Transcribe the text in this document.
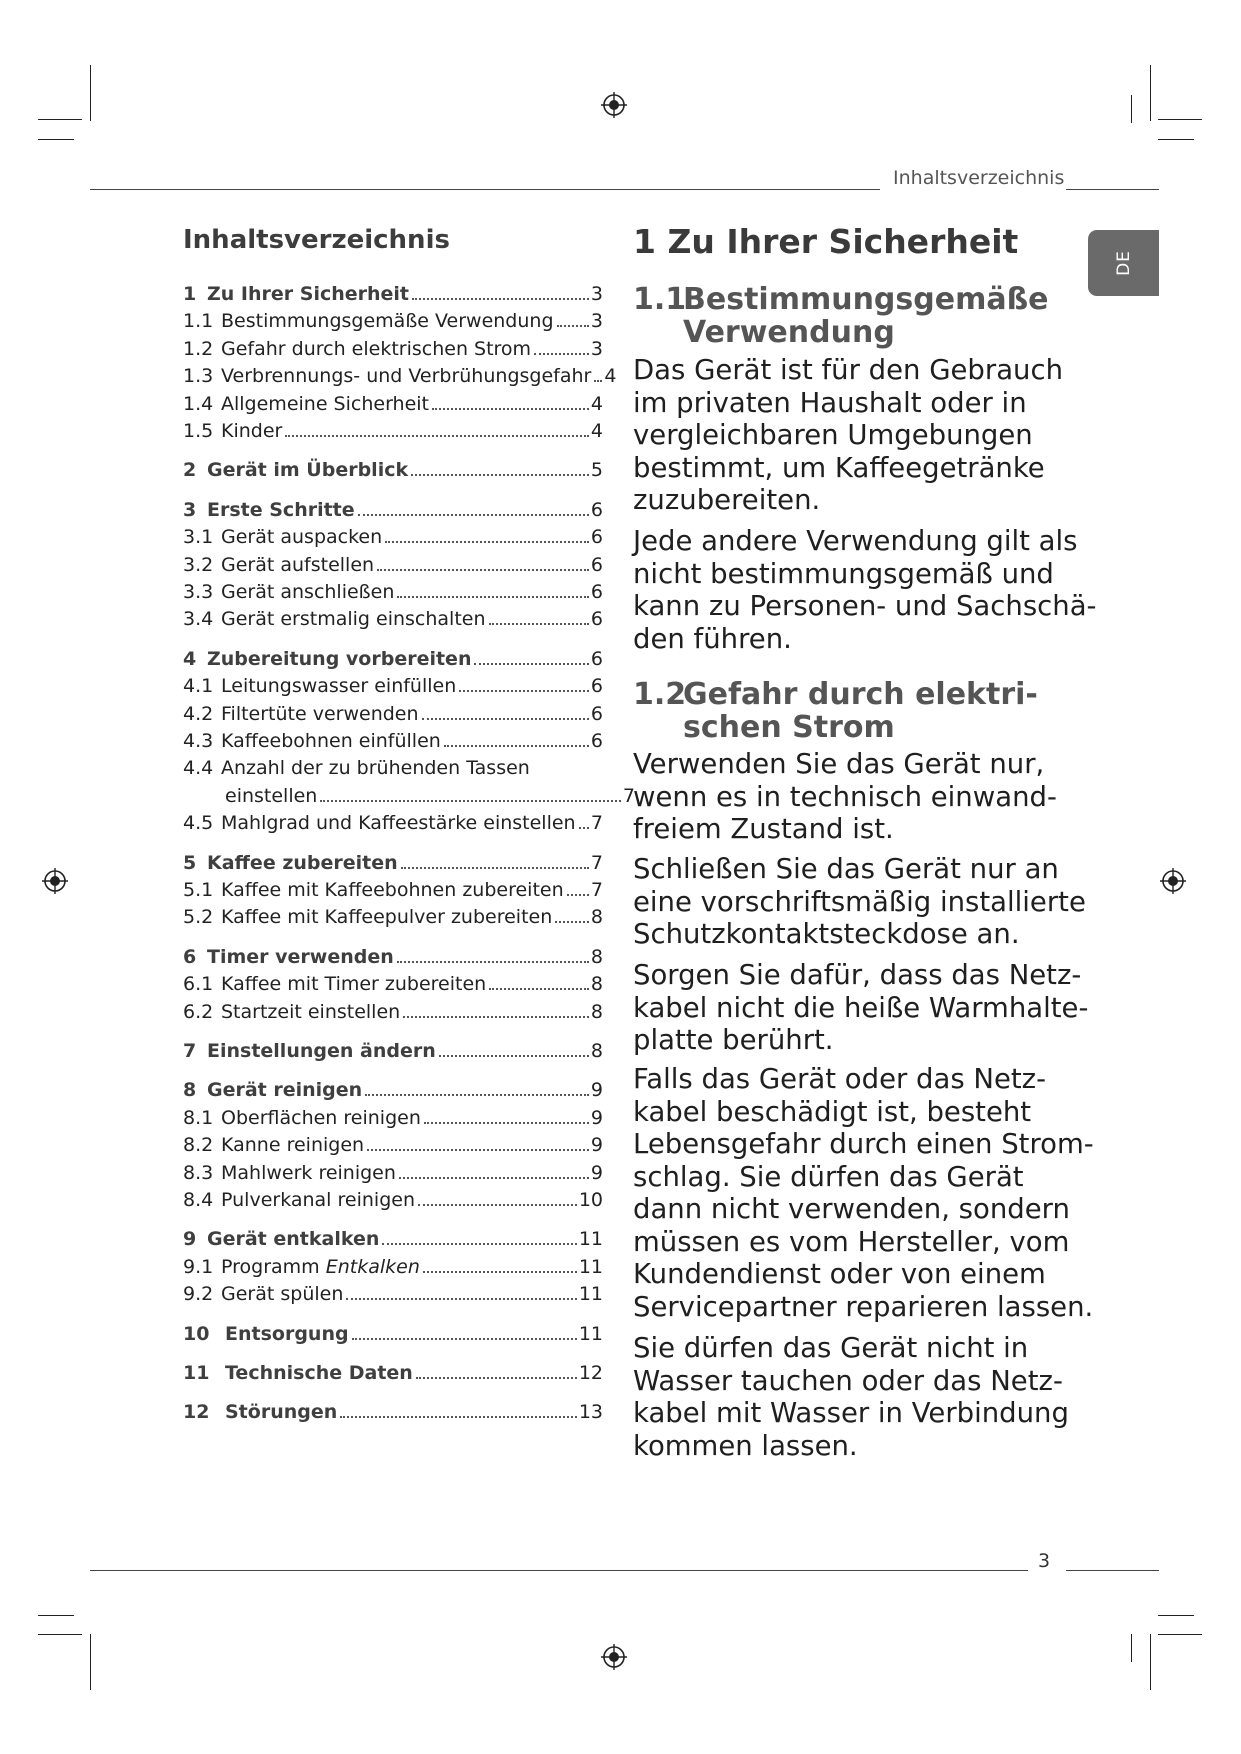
Inhaltsverzeichnis
DE
Inhaltsverzeichnis
1 Zu Ihrer Sicherheit	3
1.1 Bestimmungsgemäße Verwendung 3
1.2 Gefahr durch elektrischen Strom	3
1.3 Verbrennungs- und Verbrühungsgefahr 4
1.4 Allgemeine Sicherheit	4
1.5 Kinder	4
2 Gerät im Überblick	5
3 Erste Schritte	6
3.1 Gerät auspacken	6
3.2 Gerät aufstellen	6
3.3 Gerät anschließen	6
3.4 Gerät erstmalig einschalten	6
4 Zubereitung vorbereiten	6
4.1 Leitungswasser einfüllen	6
4.2 Filtertüte verwenden	6
4.3 Kaffeebohnen einfüllen	6
4.4 Anzahl der zu brühenden Tassen
einstellen	7
4.5 Mahlgrad und Kaffeestärke einstellen 7
5 Kaffee zubereiten	7
5.1 Kaffee mit Kaffeebohnen zubereiten 7
5.2 Kaffee mit Kaffeepulver zubereiten 8
6 Timer verwenden	8
6.1 Kaffee mit Timer zubereiten	8
6.2 Startzeit einstellen	8
7 Einstellungen ändern	8
8 Gerät reinigen	9
8.1 Oberflächen reinigen	9
8.2 Kanne reinigen	9
8.3 Mahlwerk reinigen	9
8.4 Pulverkanal reinigen	10
9 Gerät entkalken	11
9.1 Programm Entkalken	11
9.2 Gerät spülen	11
10 Entsorgung	11
11 Technische Daten	12
12 Störungen	13
1 Zu Ihrer Sicherheit
1.1Bestimmungsgemäße
Verwendung
Das Gerät ist für den Gebrauch
im privaten Haushalt oder in
vergleichbaren Umgebungen
bestimmt, um Kaffeegetränke
zuzubereiten.
Jede andere Verwendung gilt als
nicht bestimmungsgemäß und
kann zu Personen- und Sachschä-
den führen.
1.2Gefahr durch elektri-
schen Strom
Verwenden Sie das Gerät nur,
wenn es in technisch einwand-
freiem Zustand ist.
Schließen Sie das Gerät nur an
eine vorschriftsmäßig installierte
Schutzkontaktsteckdose an.
Sorgen Sie dafür, dass das Netz-
kabel nicht die heiße Warmhalte-
platte berührt.
Falls das Gerät oder das Netz-
kabel beschädigt ist, besteht
Lebensgefahr durch einen Strom-
schlag. Sie dürfen das Gerät
dann nicht verwenden, sondern
müssen es vom Hersteller, vom
Kundendienst oder von einem
Servicepartner reparieren lassen.
Sie dürfen das Gerät nicht in
Wasser tauchen oder das Netz-
kabel mit Wasser in Verbindung
kommen lassen.
3
